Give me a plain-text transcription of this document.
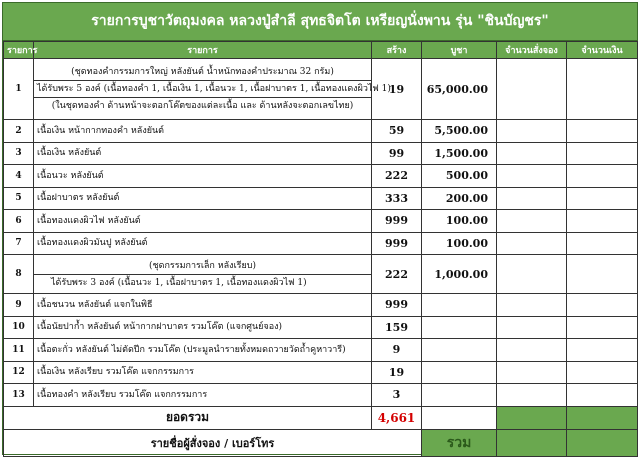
รายการบูชาวัตถุมงคล หลวงปู่สำลี สุทธจิตโต เหรียญนั่งพาน รุ่น "ชินบัญชร"
รายการ	รายการ	สร้าง	บูชา	จำนวนสั่งจอง	จำนวนเงิน
1	(ชุดทองคำกรรมการใหญ่ หลังยันต์ น้ำหนักทองคำประมาณ 32 กรัม)
ได้รับพระ 5 องค์ (เนื้อทองคำ 1, เนื้อเงิน 1, เนื้อนวะ 1, เนื้อฝาบาตร 1, เนื้อทองแดงผิวไฟ 1)
(ในชุดทองคำ ด้านหน้าจะตอกโค๊ตของแต่ละเนื้อ และ ด้านหลังจะตอกเลขไทย)	19	65,000.00		
2	เนื้อเงิน หน้ากากทองคำ หลังยันต์	59	5,500.00		
3	เนื้อเงิน หลังยันต์	99	1,500.00		
4	เนื้อนวะ หลังยันต์	222	500.00		
5	เนื้อฝาบาตร หลังยันต์	333	200.00		
6	เนื้อทองแดงผิวไฟ หลังยันต์	999	100.00		
7	เนื้อทองแดงผิวมันปู หลังยันต์	999	100.00		
8	(ชุดกรรมการเล็ก หลังเรียบ)
ได้รับพระ 3 องค์ (เนื้อนวะ 1, เนื้อฝาบาตร 1, เนื้อทองแดงผิวไฟ 1)	222	1,000.00		
9	เนื้อชนวน หลังยันต์ แจกในพิธี	999			
10	เนื้อนัยปาก้ำ หลังยันต์ หน้ากากฝาบาตร รวมโค๊ต (แจกศูนย์จอง)	159			
11	เนื้อตะกั่ว หลังยันต์ ไม่ตัดปีก รวมโค๊ต (ประมูลนำรายทั้งหมดถวายวัดถ้ำคูหาวารี)	9			
12	เนื้อเงิน หลังเรียบ รวมโค๊ต แจกกรรมการ	19			
13	เนื้อทองคำ หลังเรียบ รวมโค๊ต แจกกรรมการ	3			
ยอดรวม		4,661			
รายชื่อผู้สั่งจอง / เบอร์โทร			รวม		
